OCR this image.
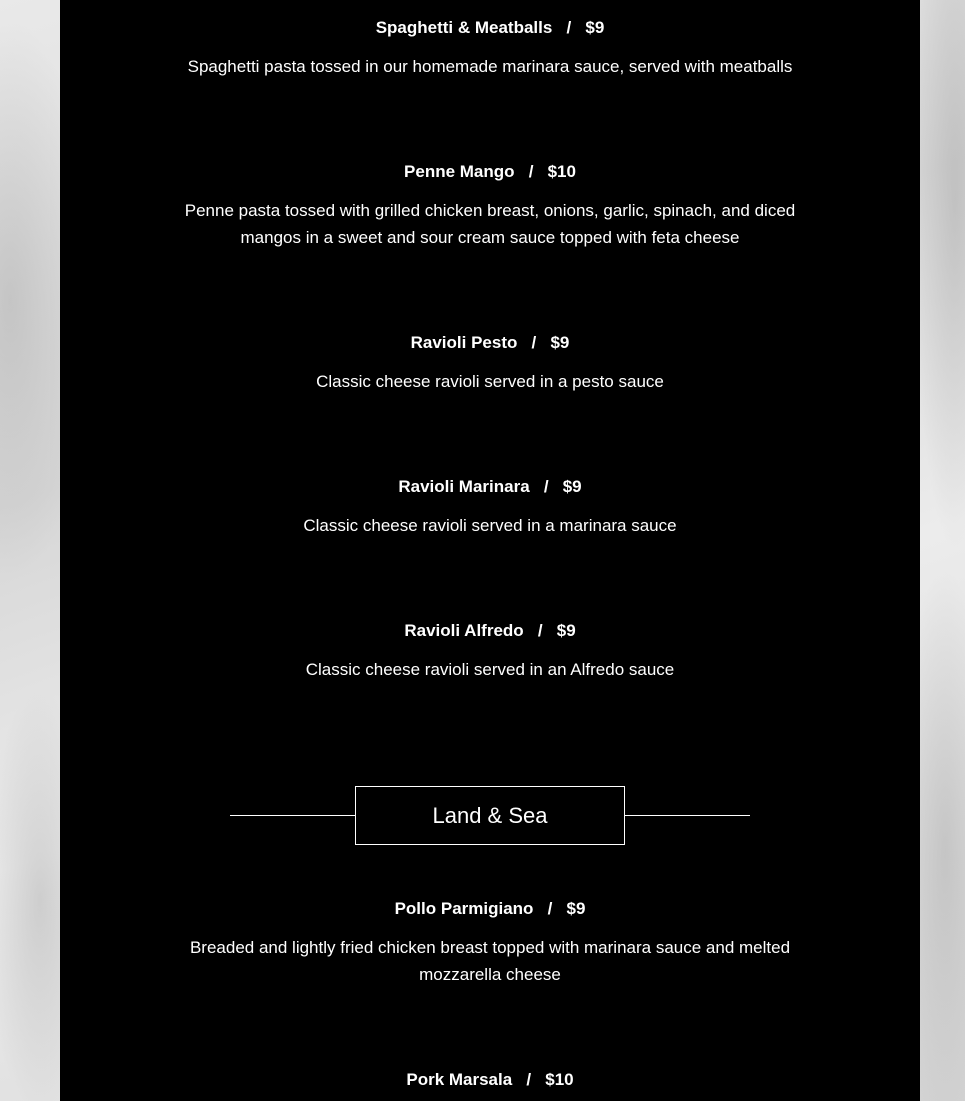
Spaghetti & Meatballs   /   $9
Spaghetti pasta tossed in our homemade marinara sauce, served with meatballs
Penne Mango   /   $10
Penne pasta tossed with grilled chicken breast, onions, garlic, spinach, and diced mangos in a sweet and sour cream sauce topped with feta cheese
Ravioli Pesto   /   $9
Classic cheese ravioli served in a pesto sauce
Ravioli Marinara   /   $9
Classic cheese ravioli served in a marinara sauce
Ravioli Alfredo   /   $9
Classic cheese ravioli served in an Alfredo sauce
Land & Sea
Pollo Parmigiano   /   $9
Breaded and lightly fried chicken breast topped with marinara sauce and melted mozzarella cheese
Pork Marsala   /   $10
